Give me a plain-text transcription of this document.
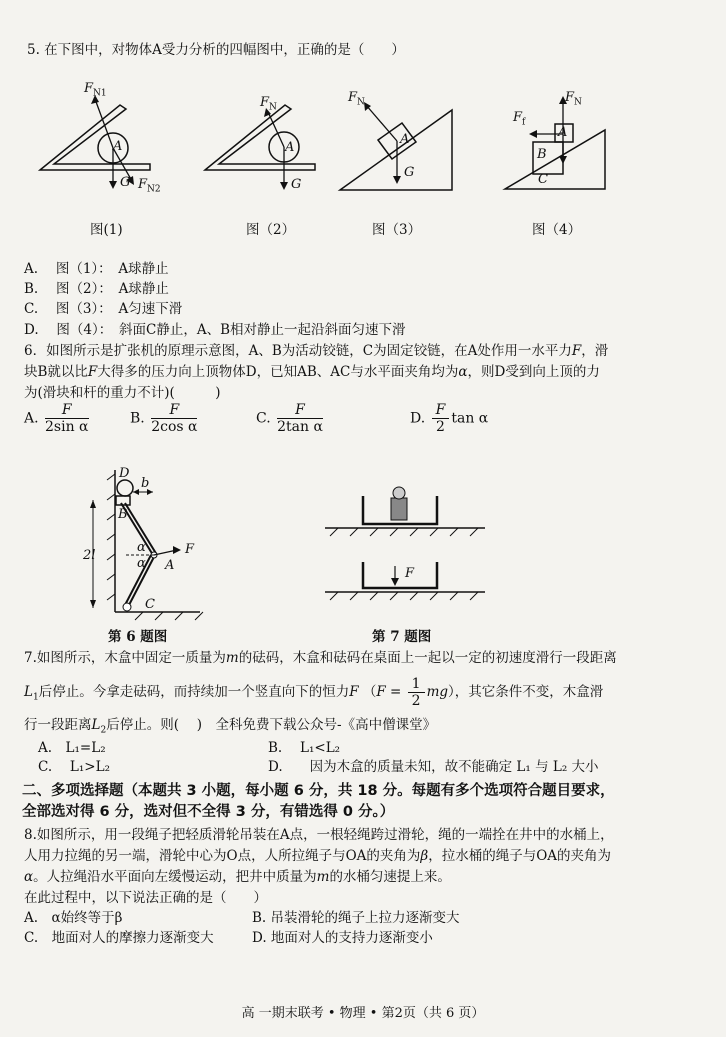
5. 在下图中，对物体A受力分析的四幅图中，正确的是（　　）
$F_{N1}$
A
G $F_{N2}$
$F_N$
A
G
$F_N$
A
G
$F_N$
$F_f$
A
B
C
图(1)	图（2）	图（3）	图（4）
A.　 图（1）：　A球静止
B.　 图（2）：　A球静止
C.　 图（3）：　A匀速下滑
D.　 图（4）：　斜面C静止，A、B相对静止一起沿斜面匀速下滑
6．如图所示是扩张机的原理示意图，A、B为活动铰链，C为固定铰链，在A处作用一水平力F，滑
块B就以比F大得多的压力向上顶物体D，已知AB、AC与水平面夹角均为α，则D受到向上顶的力
为(滑块和杆的重力不计)(　　　)
A. $\frac{F}{\text{2sin α}}$	B. $\frac{F}{\text{2cos α}}$	C. $\frac{F}{\text{2tan α}}$	D. $\frac{F}{2}$ tan α
D
b
B
2l
α
α
F
A
C
第 6 题图
F
第 7 题图
7.如图所示，木盒中固定一质量为m的砝码，木盒和砝码在桌面上一起以一定的初速度滑行一段距离
$L_1$后停止。今拿走砝码，而持续加一个竖直向下的恒力F $(F = \frac{1}{2} mg)$，其它条件不变，木盒滑
行一段距离$L_2$后停止。则(　 )　全科免费下载公众号-《高中僧课堂》
A.　L₁=L₂	B.　 L₁<L₂
C.　 L₁>L₂	D.　　因为木盒的质量未知，故不能确定 L₁ 与 L₂ 大小
二、多项选择题（本题共 3 小题，每小题 6 分，共 18 分。每题有多个选项符合题目要求，
全部选对得 6 分，选对但不全得 3 分，有错选得 0 分。）
8.如图所示，用一段绳子把轻质滑轮吊装在A点，一根轻绳跨过滑轮，绳的一端拴在井中的水桶上，
人用力拉绳的另一端，滑轮中心为O点，人所拉绳子与OA的夹角为β，拉水桶的绳子与OA的夹角为
α。人拉绳沿水平面向左缓慢运动，把井中质量为m的水桶匀速提上来。
在此过程中，以下说法正确的是（　　）
A.　α始终等于β	B. 吊装滑轮的绳子上拉力逐渐变大
C.　地面对人的摩擦力逐渐变大	D. 地面对人的支持力逐渐变小
高 一期末联考 • 物理 • 第2页（共 6 页）
